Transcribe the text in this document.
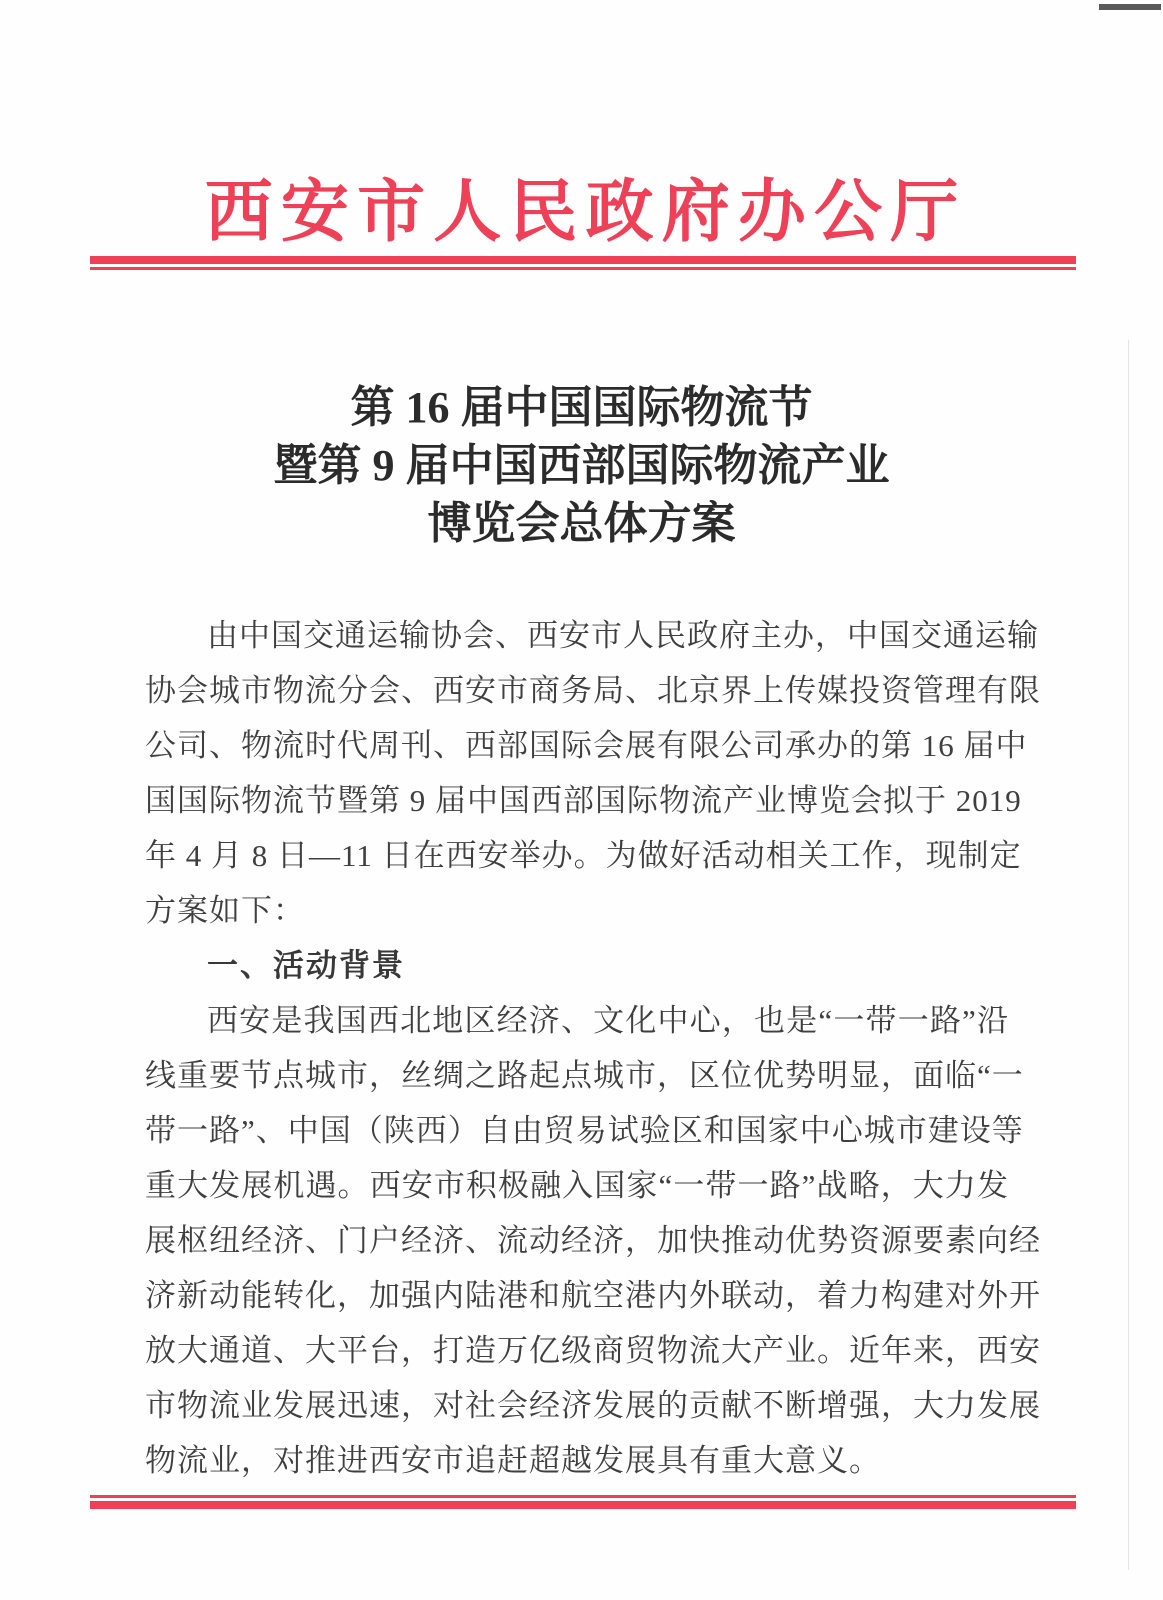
西安市人民政府办公厅
第 16 届中国国际物流节
暨第 9 届中国西部国际物流产业
博览会总体方案
由中国交通运输协会、西安市人民政府主办，中国交通运输
协会城市物流分会、西安市商务局、北京界上传媒投资管理有限
公司、物流时代周刊、西部国际会展有限公司承办的第 16 届中
国国际物流节暨第 9 届中国西部国际物流产业博览会拟于 2019
年 4 月 8 日—11 日在西安举办。为做好活动相关工作，现制定
方案如下：
一、活动背景
西安是我国西北地区经济、文化中心，也是“一带一路”沿
线重要节点城市，丝绸之路起点城市，区位优势明显，面临“一
带一路”、中国（陕西）自由贸易试验区和国家中心城市建设等
重大发展机遇。西安市积极融入国家“一带一路”战略，大力发
展枢纽经济、门户经济、流动经济，加快推动优势资源要素向经
济新动能转化，加强内陆港和航空港内外联动，着力构建对外开
放大通道、大平台，打造万亿级商贸物流大产业。近年来，西安
市物流业发展迅速，对社会经济发展的贡献不断增强，大力发展
物流业，对推进西安市追赶超越发展具有重大意义。
